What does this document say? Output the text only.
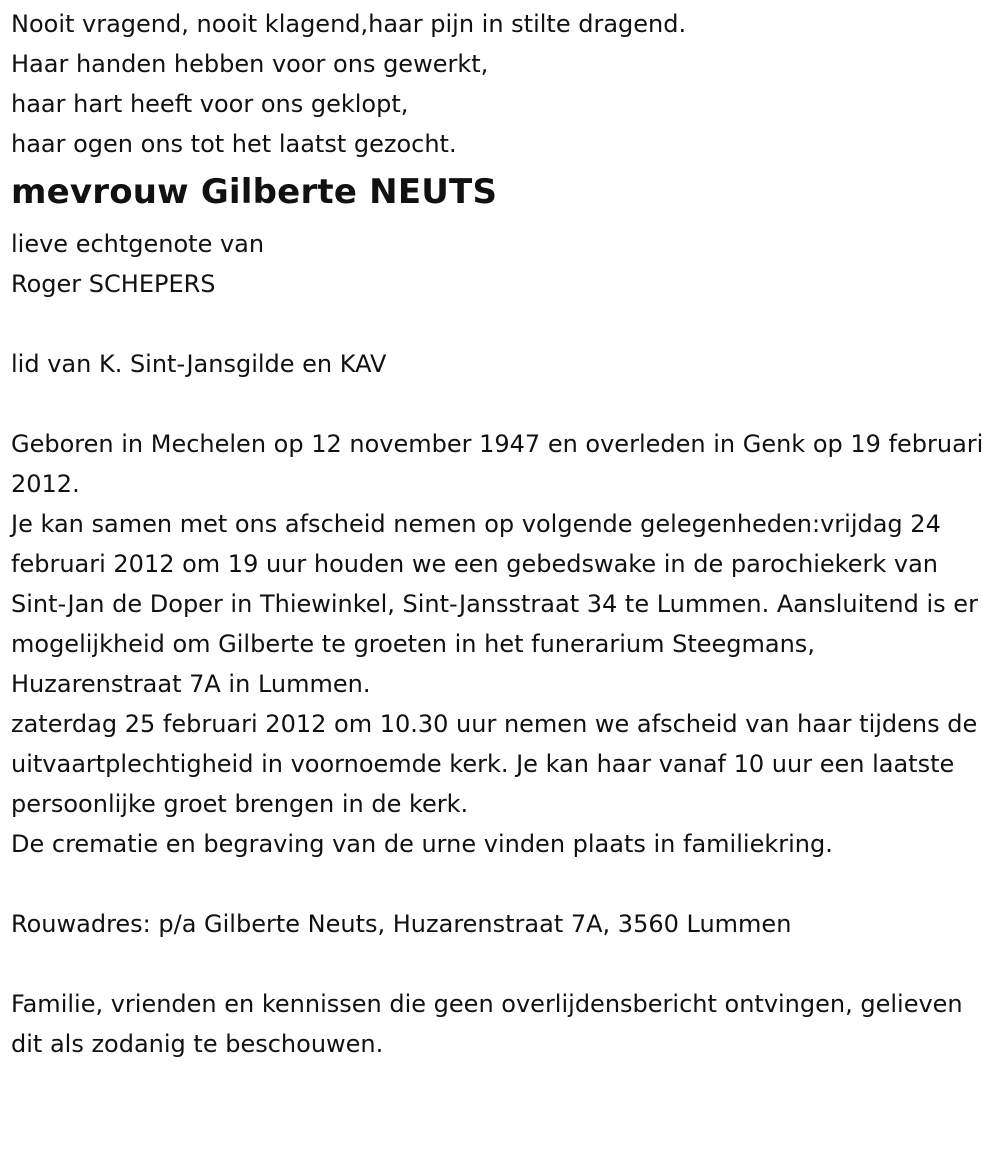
Nooit vragend, nooit klagend,haar pijn in stilte dragend.

Haar handen hebben voor ons gewerkt,

haar hart heeft voor ons geklopt,

haar ogen ons tot het laatst gezocht.

mevrouw Gilberte NEUTS

lieve echtgenote van

Roger SCHEPERS

lid van K. Sint-Jansgilde en KAV

Geboren in Mechelen op 12 november 1947 en overleden in Genk op 19 februari 2012.

Je kan samen met ons afscheid nemen op volgende gelegenheden:vrijdag 24 februari 2012 om 19 uur houden we een gebedswake in de parochiekerk van Sint-Jan de Doper in Thiewinkel, Sint-Jansstraat 34 te Lummen. Aansluitend is er mogelijkheid om Gilberte te groeten in het funerarium Steegmans, Huzarenstraat 7A in Lummen.

zaterdag 25 februari 2012 om 10.30 uur nemen we afscheid van haar tijdens de uitvaartplechtigheid in voornoemde kerk. Je kan haar vanaf 10 uur een laatste persoonlijke groet brengen in de kerk.

De crematie en begraving van de urne vinden plaats in familiekring.

Rouwadres: p/a Gilberte Neuts, Huzarenstraat 7A, 3560 Lummen

Familie, vrienden en kennissen die geen overlijdensbericht ontvingen, gelieven dit als zodanig te beschouwen.
